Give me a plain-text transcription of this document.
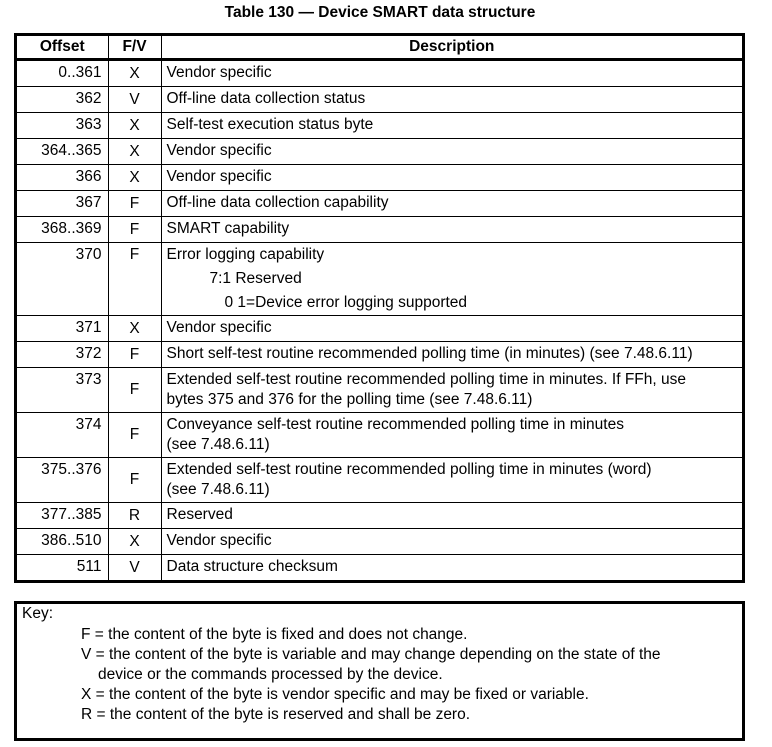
Table 130 — Device SMART data structure
Offset	F/V	Description
0..361	X	Vendor specific
362	V	Off-line data collection status
363	X	Self-test execution status byte
364..365	X	Vendor specific
366	X	Vendor specific
367	F	Off-line data collection capability
368..369	F	SMART capability
370	F	Error logging capability
7:1 Reserved
0 1=Device error logging supported

371	X	Vendor specific
372	F	Short self-test routine recommended polling time (in minutes) (see 7.48.6.11)
373	F	Extended self-test routine recommended polling time in minutes. If FFh, use
bytes 375 and 376 for the polling time (see 7.48.6.11)
374	F	Conveyance self-test routine recommended polling time in minutes
(see 7.48.6.11)
375..376	F	Extended self-test routine recommended polling time in minutes (word)
(see 7.48.6.11)
377..385	R	Reserved
386..510	X	Vendor specific
511	V	Data structure checksum
Key:
F = the content of the byte is fixed and does not change.
V = the content of the byte is variable and may change depending on the state of the
device or the commands processed by the device.
X = the content of the byte is vendor specific and may be fixed or variable.
R = the content of the byte is reserved and shall be zero.
